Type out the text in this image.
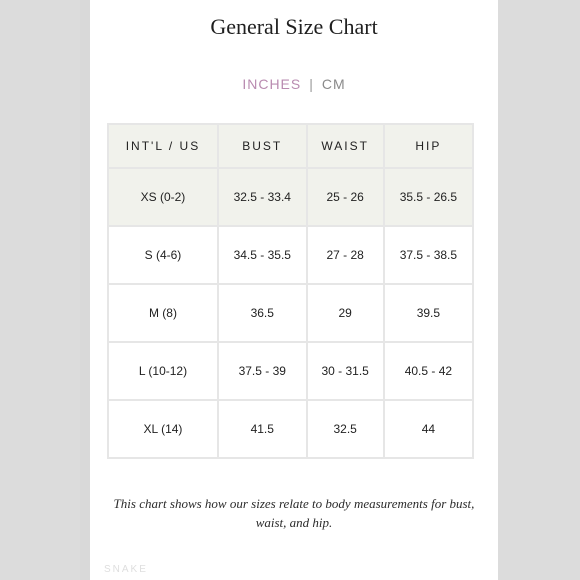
General Size Chart
INCHES | CM
INT'L / US	BUST	WAIST	HIP
XS (0-2)	32.5 - 33.4	25 - 26	35.5 - 26.5
S (4-6)	34.5 - 35.5	27 - 28	37.5 - 38.5
M (8)	36.5	29	39.5
L (10-12)	37.5 - 39	30 - 31.5	40.5 - 42
XL (14)	41.5	32.5	44
This chart shows how our sizes relate to body measurements for bust, waist, and hip.
SNAKE
